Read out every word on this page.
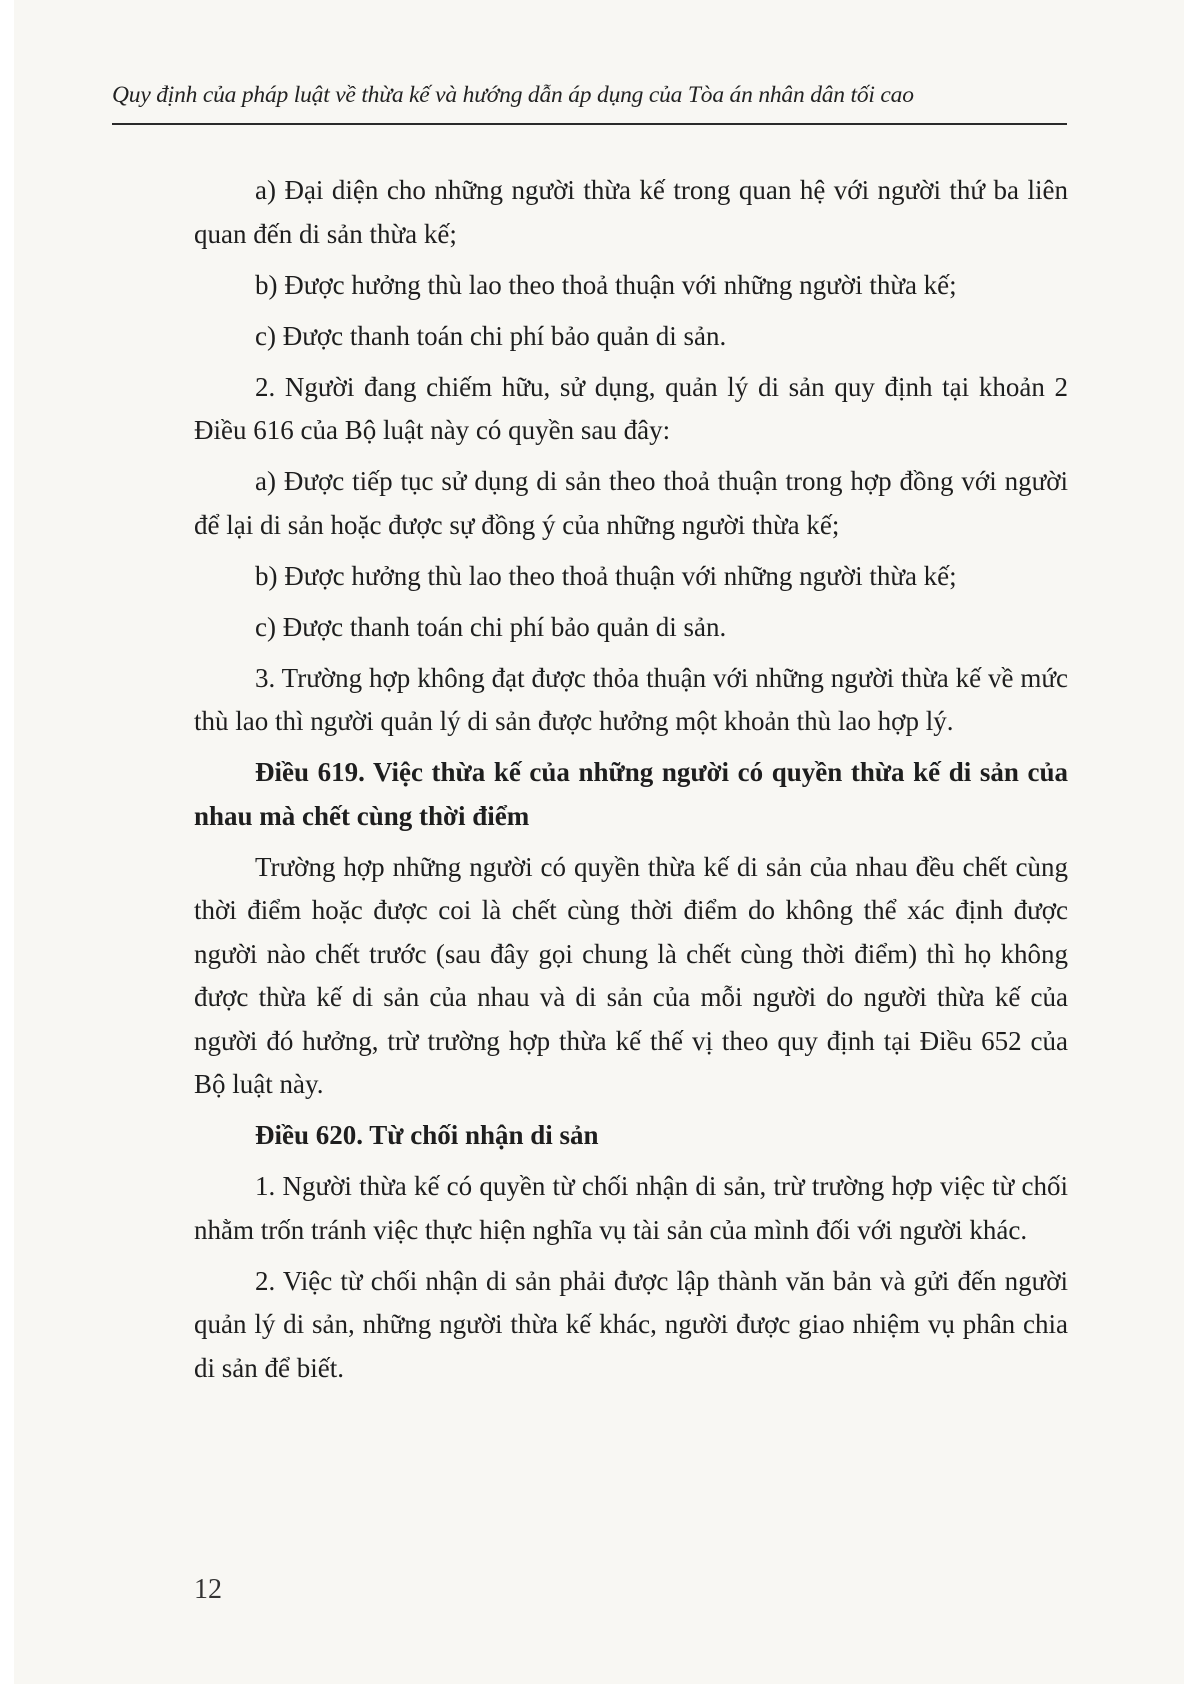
Quy định của pháp luật về thừa kế và hướng dẫn áp dụng của Tòa án nhân dân tối cao

a) Đại diện cho những người thừa kế trong quan hệ với người thứ ba liên quan đến di sản thừa kế;

b) Được hưởng thù lao theo thoả thuận với những người thừa kế;

c) Được thanh toán chi phí bảo quản di sản.

2. Người đang chiếm hữu, sử dụng, quản lý di sản quy định tại khoản 2 Điều 616 của Bộ luật này có quyền sau đây:

a) Được tiếp tục sử dụng di sản theo thoả thuận trong hợp đồng với người để lại di sản hoặc được sự đồng ý của những người thừa kế;

b) Được hưởng thù lao theo thoả thuận với những người thừa kế;

c) Được thanh toán chi phí bảo quản di sản.

3. Trường hợp không đạt được thỏa thuận với những người thừa kế về mức thù lao thì người quản lý di sản được hưởng một khoản thù lao hợp lý.

Điều 619. Việc thừa kế của những người có quyền thừa kế di sản của nhau mà chết cùng thời điểm

Trường hợp những người có quyền thừa kế di sản của nhau đều chết cùng thời điểm hoặc được coi là chết cùng thời điểm do không thể xác định được người nào chết trước (sau đây gọi chung là chết cùng thời điểm) thì họ không được thừa kế di sản của nhau và di sản của mỗi người do người thừa kế của người đó hưởng, trừ trường hợp thừa kế thế vị theo quy định tại Điều 652 của Bộ luật này.

Điều 620. Từ chối nhận di sản

1. Người thừa kế có quyền từ chối nhận di sản, trừ trường hợp việc từ chối nhằm trốn tránh việc thực hiện nghĩa vụ tài sản của mình đối với người khác.

2. Việc từ chối nhận di sản phải được lập thành văn bản và gửi đến người quản lý di sản, những người thừa kế khác, người được giao nhiệm vụ phân chia di sản để biết.

12
